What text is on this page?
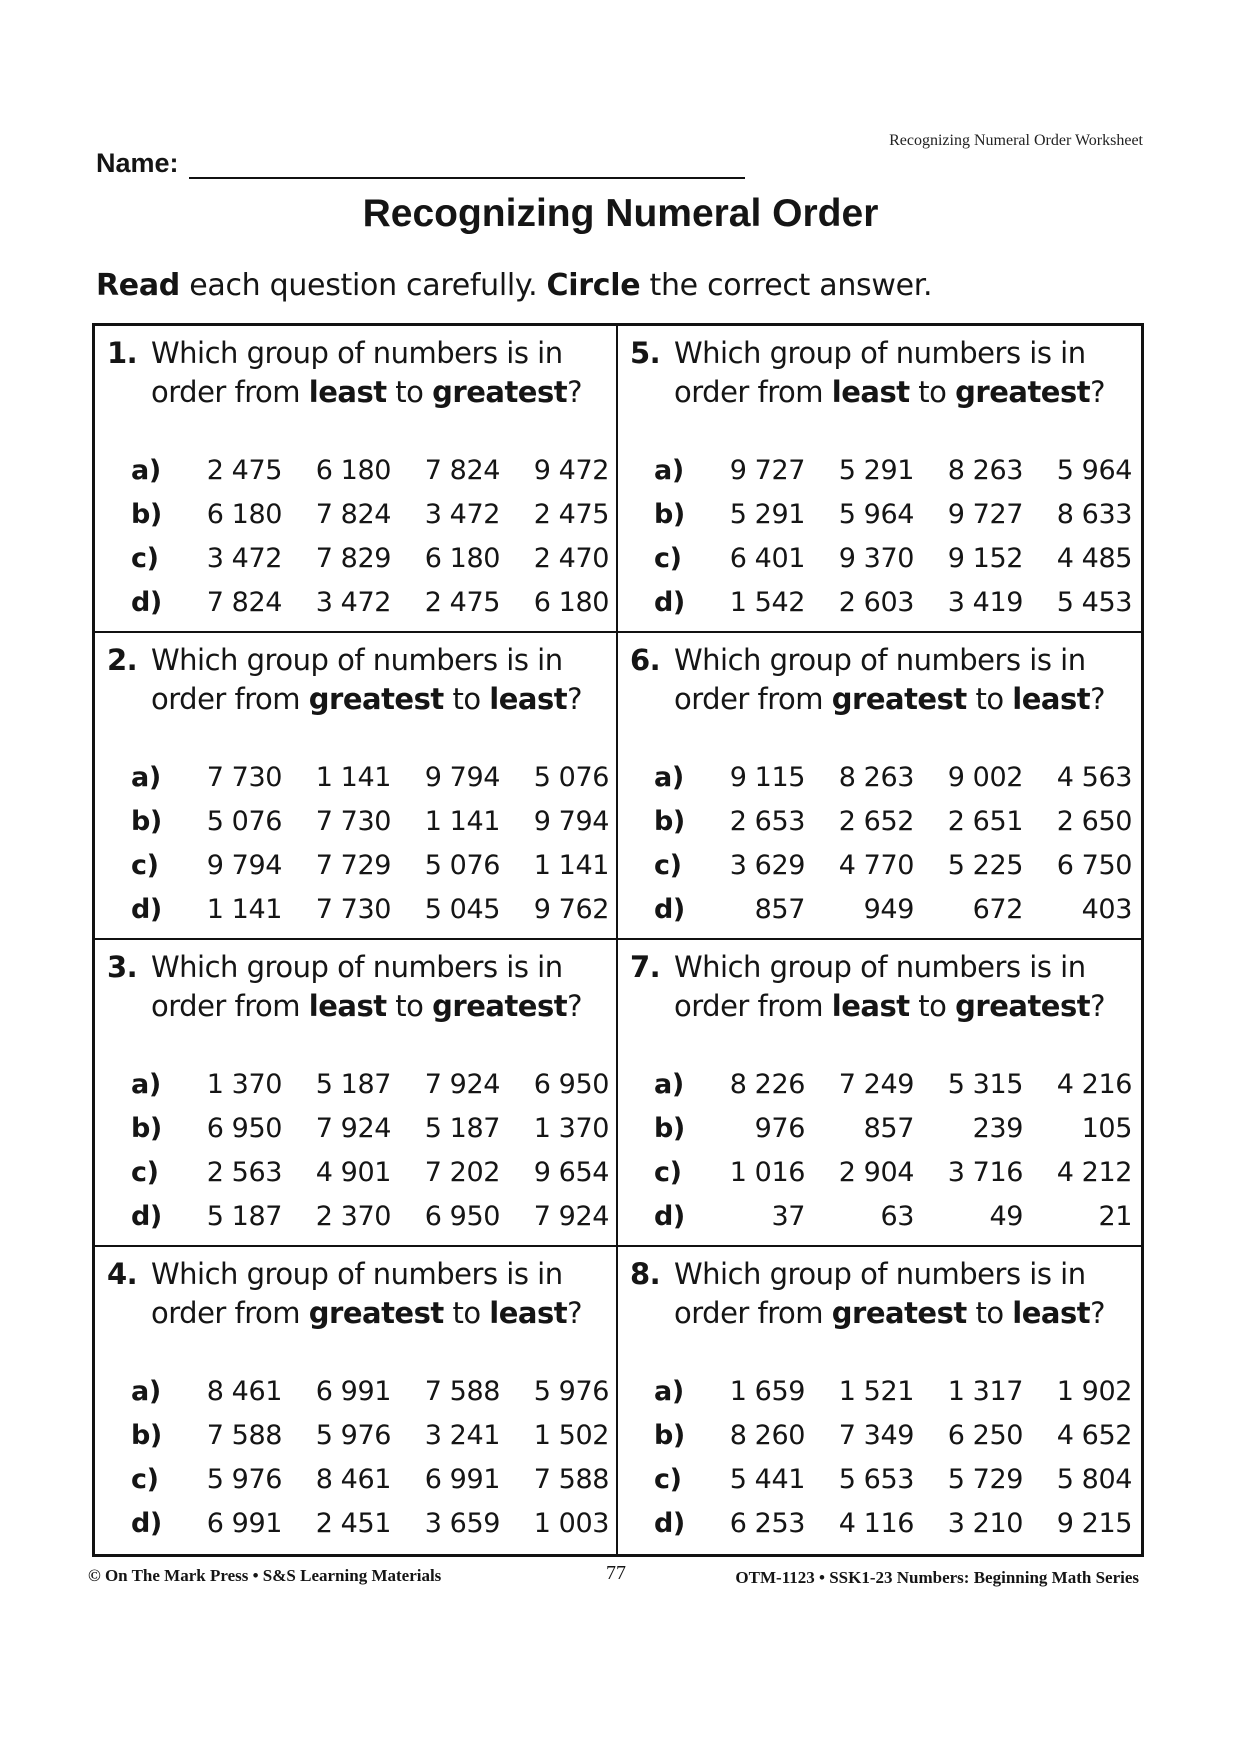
Recognizing Numeral Order Worksheet
Name:
Recognizing Numeral Order
Read each question carefully. Circle the correct answer.
1. Which group of numbers is in
order from least to greatest?
a)	2 475	6 180	7 824	9 472
b)	6 180	7 824	3 472	2 475
c)	3 472	7 829	6 180	2 470
d)	7 824	3 472	2 475	6 180
5. Which group of numbers is in
order from least to greatest?
a)	9 727	5 291	8 263	5 964
b)	5 291	5 964	9 727	8 633
c)	6 401	9 370	9 152	4 485
d)	1 542	2 603	3 419	5 453
2. Which group of numbers is in
order from greatest to least?
a)	7 730	1 141	9 794	5 076
b)	5 076	7 730	1 141	9 794
c)	9 794	7 729	5 076	1 141
d)	1 141	7 730	5 045	9 762
6. Which group of numbers is in
order from greatest to least?
a)	9 115	8 263	9 002	4 563
b)	2 653	2 652	2 651	2 650
c)	3 629	4 770	5 225	6 750
d)	857	949	672	403
3. Which group of numbers is in
order from least to greatest?
a)	1 370	5 187	7 924	6 950
b)	6 950	7 924	5 187	1 370
c)	2 563	4 901	7 202	9 654
d)	5 187	2 370	6 950	7 924
7. Which group of numbers is in
order from least to greatest?
a)	8 226	7 249	5 315	4 216
b)	976	857	239	105
c)	1 016	2 904	3 716	4 212
d)	37	63	49	21
4. Which group of numbers is in
order from greatest to least?
a)	8 461	6 991	7 588	5 976
b)	7 588	5 976	3 241	1 502
c)	5 976	8 461	6 991	7 588
d)	6 991	2 451	3 659	1 003
8. Which group of numbers is in
order from greatest to least?
a)	1 659	1 521	1 317	1 902
b)	8 260	7 349	6 250	4 652
c)	5 441	5 653	5 729	5 804
d)	6 253	4 116	3 210	9 215
© On The Mark Press • S&S Learning Materials	77	OTM-1123 • SSK1-23 Numbers: Beginning Math Series
